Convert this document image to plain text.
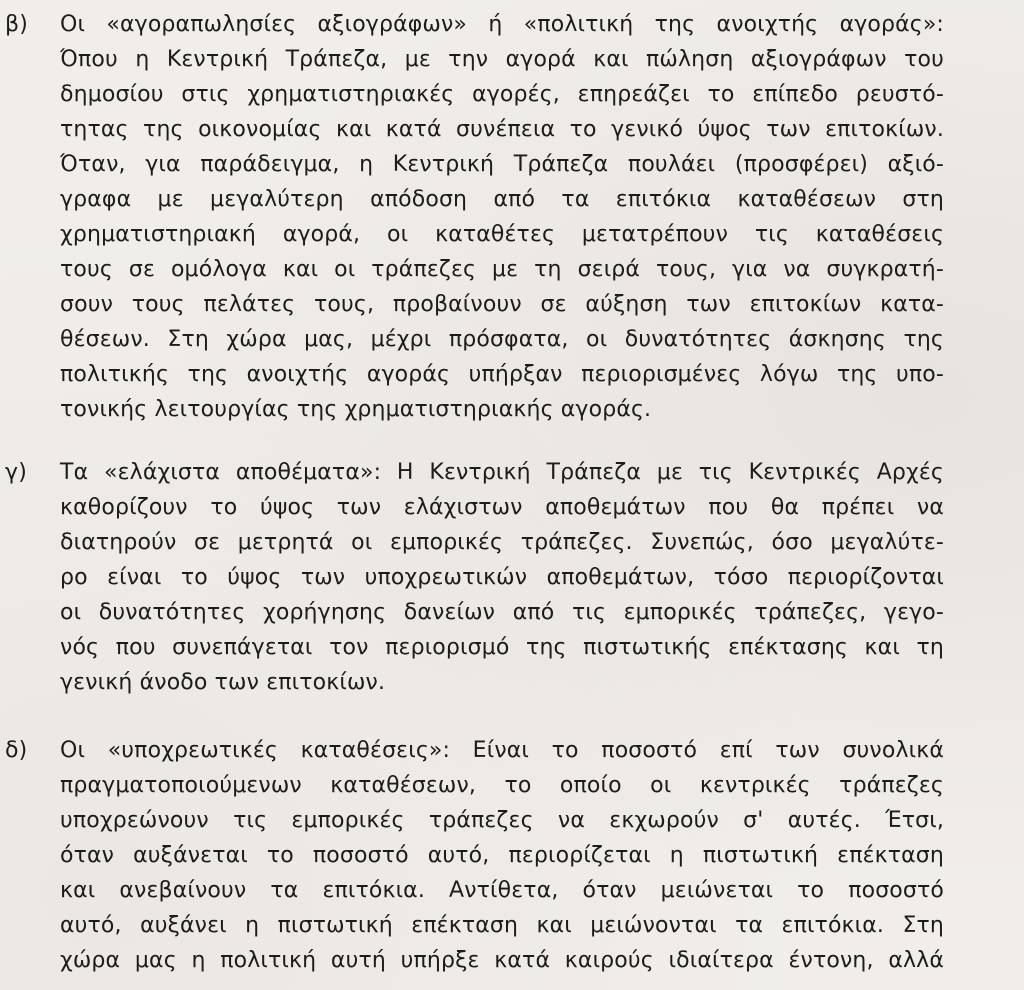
β) Οι «αγοραπωλησίες αξιογράφων» ή «πολιτική της ανοιχτής αγοράς»:
Όπου η Κεντρική Τράπεζα, με την αγορά και πώληση αξιογράφων του
δημοσίου στις χρηματιστηριακές αγορές, επηρεάζει το επίπεδο ρευστό-
τητας της οικονομίας και κατά συνέπεια το γενικό ύψος των επιτοκίων.
Όταν, για παράδειγμα, η Κεντρική Τράπεζα πουλάει (προσφέρει) αξιό-
γραφα με μεγαλύτερη απόδοση από τα επιτόκια καταθέσεων στη
χρηματιστηριακή αγορά, οι καταθέτες μετατρέπουν τις καταθέσεις
τους σε ομόλογα και οι τράπεζες με τη σειρά τους, για να συγκρατή-
σουν τους πελάτες τους, προβαίνουν σε αύξηση των επιτοκίων κατα-
θέσεων. Στη χώρα μας, μέχρι πρόσφατα, οι δυνατότητες άσκησης της
πολιτικής της ανοιχτής αγοράς υπήρξαν περιορισμένες λόγω της υπο-
τονικής λειτουργίας της χρηματιστηριακής αγοράς.
γ) Τα «ελάχιστα αποθέματα»: Η Κεντρική Τράπεζα με τις Κεντρικές Αρχές
καθορίζουν το ύψος των ελάχιστων αποθεμάτων που θα πρέπει να
διατηρούν σε μετρητά οι εμπορικές τράπεζες. Συνεπώς, όσο μεγαλύτε-
ρο είναι το ύψος των υποχρεωτικών αποθεμάτων, τόσο περιορίζονται
οι δυνατότητες χορήγησης δανείων από τις εμπορικές τράπεζες, γεγο-
νός που συνεπάγεται τον περιορισμό της πιστωτικής επέκτασης και τη
γενική άνοδο των επιτοκίων.
δ) Οι «υποχρεωτικές καταθέσεις»: Είναι το ποσοστό επί των συνολικά
πραγματοποιούμενων καταθέσεων, το οποίο οι κεντρικές τράπεζες
υποχρεώνουν τις εμπορικές τράπεζες να εκχωρούν σ' αυτές. Έτσι,
όταν αυξάνεται το ποσοστό αυτό, περιορίζεται η πιστωτική επέκταση
και ανεβαίνουν τα επιτόκια. Αντίθετα, όταν μειώνεται το ποσοστό
αυτό, αυξάνει η πιστωτική επέκταση και μειώνονται τα επιτόκια. Στη
χώρα μας η πολιτική αυτή υπήρξε κατά καιρούς ιδιαίτερα έντονη, αλλά
